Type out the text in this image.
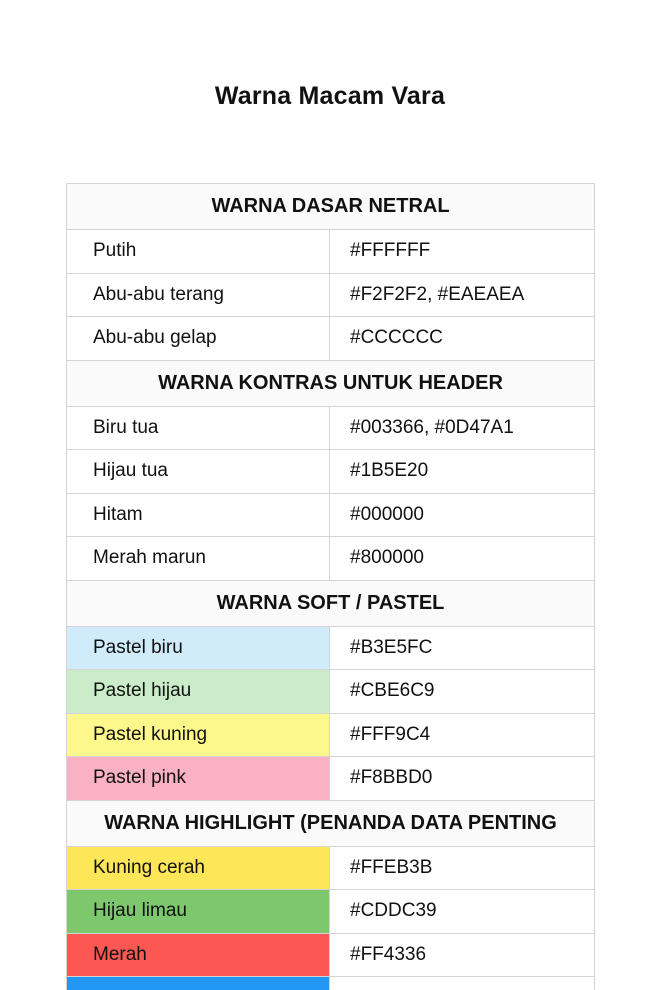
Warna Macam Vara
WARNA DASAR NETRAL	
Putih	#FFFFFF
Abu-abu terang	#F2F2F2, #EAEAEA
Abu-abu gelap	#CCCCCC
WARNA KONTRAS UNTUK HEADER	
Biru tua	#003366, #0D47A1
Hijau tua	#1B5E20
Hitam	#000000
Merah marun	#800000
WARNA SOFT / PASTEL	
Pastel biru	#B3E5FC
Pastel hijau	#CBE6C9
Pastel kuning	#FFF9C4
Pastel pink	#F8BBD0
WARNA HIGHLIGHT (PENANDA DATA PENTING	
Kuning cerah	#FFEB3B
Hijau limau	#CDDC39
Merah	#FF4336
